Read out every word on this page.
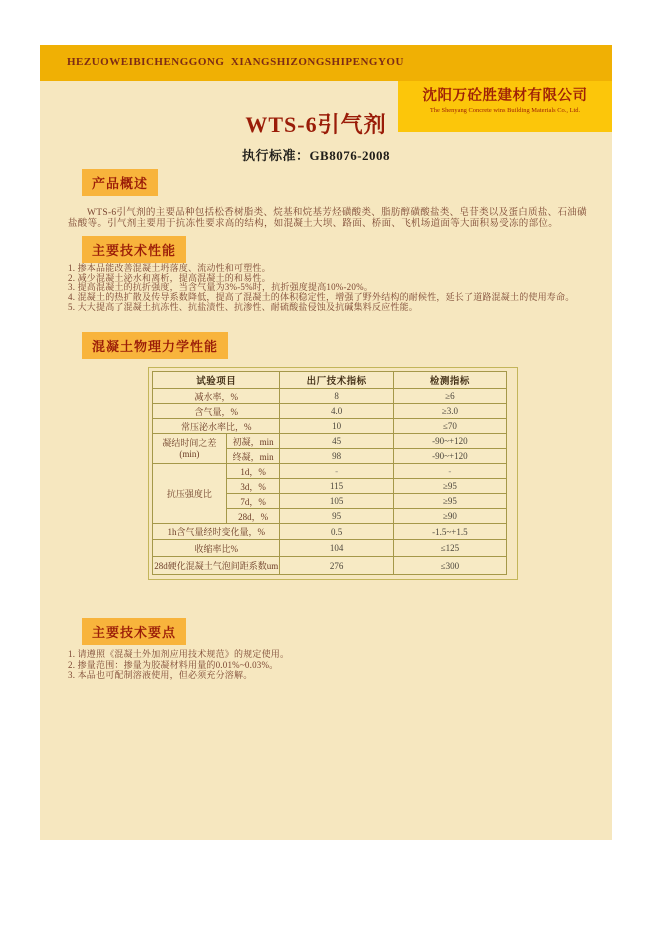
HEZUOWEIBICHENGGONG  XIANGSHIZONGSHIPENGYOU
沈阳万砼胜建材有限公司
The Shenyang Concrete wins Building Materials Co., Ltd.
WTS-6引气剂
执行标准：GB8076-2008
产品概述

WTS-6引气剂的主要品种包括松香树脂类、烷基和烷基芳烃磺酸类、脂肪醇磺酸盐类、皂苷类以及蛋白质盐、石油磺盐酸等。引气剂主要用于抗冻性要求高的结构，如混凝土大坝、路面、桥面、飞机场道面等大面积易受冻的部位。

主要技术性能
1. 掺本品能改善混凝土坍落度、流动性和可塑性。
2. 减少混凝土泌水和离析，提高混凝土的和易性。
3. 提高混凝土的抗折强度，当含气量为3%-5%时，抗折强度提高10%-20%。
4. 混凝土的热扩散及传导系数降低，提高了混凝土的体积稳定性，增强了野外结构的耐候性，延长了道路混凝土的使用寿命。
5. 大大提高了混凝土抗冻性、抗盐渍性、抗渗性、耐硫酸盐侵蚀及抗碱集料反应性能。
混凝土物理力学性能
试验项目		出厂技术指标	检测指标
减水率，%		8	≥6
含气量，%		4.0	≥3.0
常压泌水率比，%		10	≤70

凝结时间之差
(min)	初凝，min	45	-90~+120
	终凝，min	98	-90~+120
抗压强度比	1d，%	-	-
	3d，%	115	≥95
	7d，%	105	≥95
	28d，%	95	≥90
1h含气量经时变化量，%		0.5	-1.5~+1.5
收缩率比%		104	≤125
28d硬化混凝土气泡间距系数um		276	≤300
主要技术要点
1. 请遵照《混凝土外加剂应用技术规范》的规定使用。
2. 掺量范围：掺量为胶凝材料用量的0.01%~0.03%。
3. 本品也可配制溶液使用，但必须充分溶解。
